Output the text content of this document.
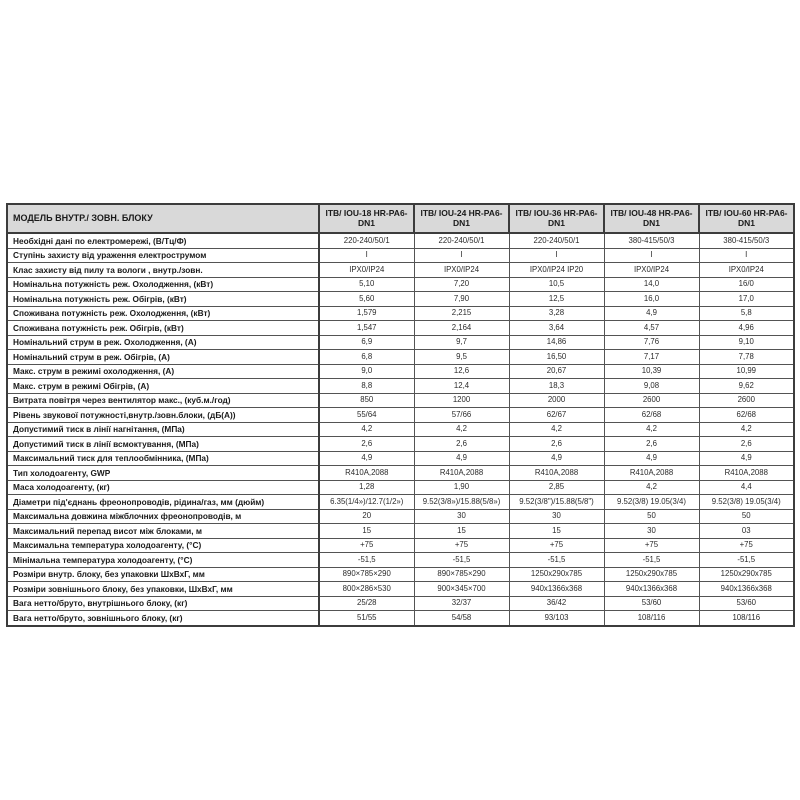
МОДЕЛЬ ВНУТР./ ЗОВН. БЛОКУ	ITB/ IOU-18 HR-PA6-DN1	ITB/ IOU-24 HR-PA6-DN1	ITB/ IOU-36 HR-PA6-DN1	ITB/ IOU-48 HR-PA6-DN1	ITB/ IOU-60 HR-PA6-DN1
Необхідні дані по електромережі, (В/Тц/Ф)	220-240/50/1	220-240/50/1	220-240/50/1	380-415/50/3	380-415/50/3
Ступінь захисту від ураження електрострумом	I	I	I	I	I
Клас захисту від пилу та вологи , внутр./зовн.	IPX0/IP24	IPX0/IP24	IPX0/IP24 IP20	IPX0/IP24	IPX0/IP24
Номінальна потужність реж. Охолодження, (кВт)	5,10	7,20	10,5	14,0	16/0
Номінальна потужність реж. Обігрів, (кВт)	5,60	7,90	12,5	16,0	17,0
Споживана потужність реж. Охолодження, (кВт)	1,579	2,215	3,28	4,9	5,8
Споживана потужність реж. Обігрів, (кВт)	1,547	2,164	3,64	4,57	4,96
Номінальний струм в реж. Охолодження, (А)	6,9	9,7	14,86	7,76	9,10
Номінальний струм в реж. Обігрів, (А)	6,8	9,5	16,50	7,17	7,78
Макс. струм в режимі охолодження, (А)	9,0	12,6	20,67	10,39	10,99
Макс. струм в режимі Обігрів, (А)	8,8	12,4	18,3	9,08	9,62
Витрата повітря через вентилятор макс., (куб.м./год)	850	1200	2000	2600	2600
Рівень звукової потужності,внутр./зовн.блоки, (дБ(А))	55/64	57/66	62/67	62/68	62/68
Допустимий тиск в лінії нагнітання, (МПа)	4,2	4,2	4,2	4,2	4,2
Допустимий тиск в лінії всмоктування, (МПа)	2,6	2,6	2,6	2,6	2,6
Максимальний тиск для теплообмінника, (МПа)	4,9	4,9	4,9	4,9	4,9
Тип холодоагенту, GWP	R410A,2088	R410A,2088	R410A,2088	R410A,2088	R410A,2088
Маса холодоагенту, (кг)	1,28	1,90	2,85	4,2	4,4
Діаметри під'єднань фреонопроводів, рідина/газ, мм (дюйм)	6.35(1/4»)/12.7(1/2»)	9.52(3/8»)/15.88(5/8»)	9.52(3/8")/15.88(5/8")	9.52(3/8) 19.05(3/4)	9.52(3/8) 19.05(3/4)
Максимальна довжина міжблочних фреонопроводів, м	20	30	30	50	50
Максимальний перепад висот між блоками, м	15	15	15	30	03
Максимальна температура холодоагенту, (°С)	+75	+75	+75	+75	+75
Мінімальна температура холодоагенту, (°С)	-51,5	-51,5	-51,5	-51,5	-51,5
Розміри внутр. блоку, без упаковки ШхВхГ, мм	890×785×290	890×785×290	1250x290x785	1250x290x785	1250x290x785
Розміри зовнішнього блоку, без упаковки, ШхВхГ, мм	800×286×530	900×345×700	940x1366x368	940x1366x368	940x1366x368
Вага нетто/бруто, внутрішнього блоку, (кг)	25/28	32/37	36/42	53/60	53/60
Вага нетто/бруто, зовнішнього блоку, (кг)	51/55	54/58	93/103	108/116	108/116
